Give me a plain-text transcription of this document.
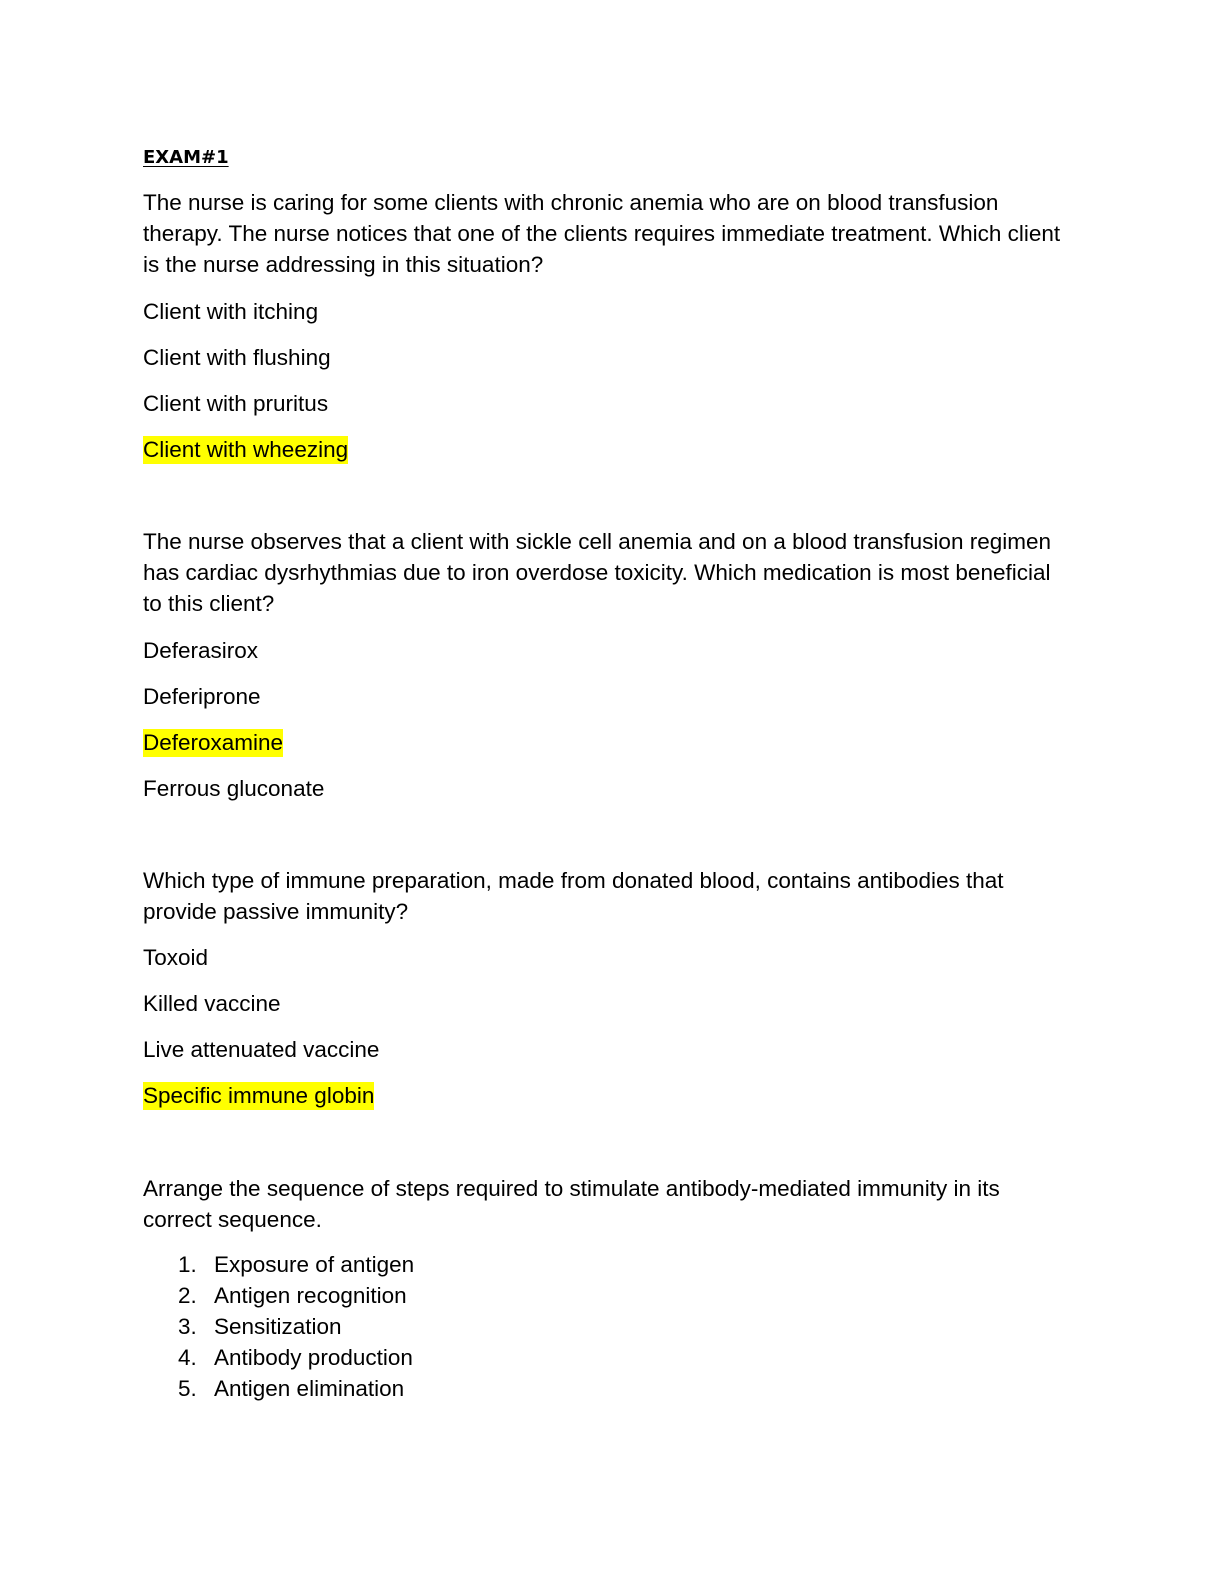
EXAM#1

The nurse is caring for some clients with chronic anemia who are on blood transfusion therapy. The nurse notices that one of the clients requires immediate treatment. Which client is the nurse addressing in this situation?

Client with itching
Client with flushing
Client with pruritus
Client with wheezing

The nurse observes that a client with sickle cell anemia and on a blood transfusion regimen has cardiac dysrhythmias due to iron overdose toxicity. Which medication is most beneficial to this client?

Deferasirox
Deferiprone
Deferoxamine
Ferrous gluconate

Which type of immune preparation, made from donated blood, contains antibodies that provide passive immunity?

Toxoid
Killed vaccine
Live attenuated vaccine
Specific immune globin

Arrange the sequence of steps required to stimulate antibody-mediated immunity in its correct sequence.

1. Exposure of antigen
2. Antigen recognition
3. Sensitization
4. Antibody production
5. Antigen elimination
